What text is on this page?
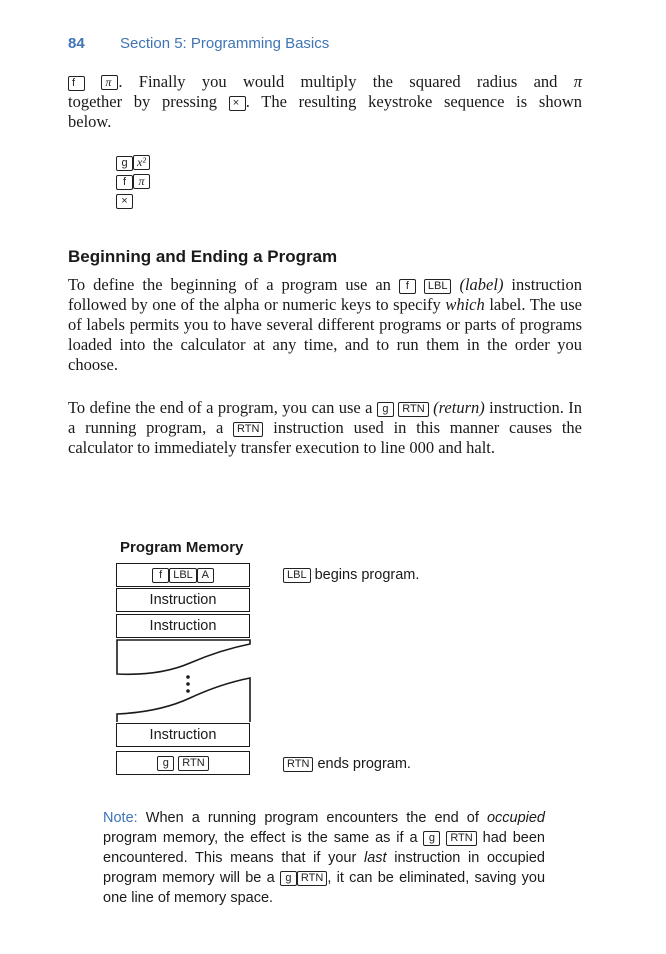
84 Section 5: Programming Basics

f	π . Finally you would multiply the squared radius and π

together by pressing × . The resulting keystroke sequence is shown

below.

g x²
f π
×
Beginning and Ending a Program
To define the beginning of a program use an f LBL (label) instruction followed by one of the alpha or numeric keys to specify which label. The use of labels permits you to have several different programs or parts of programs loaded into the calculator at any time, and to run them in the order you choose.
To define the end of a program, you can use a g RTN (return) instruction. In a running program, a RTN instruction used in this manner causes the calculator to immediately transfer execution to line 000 and halt.
Program Memory
f LBL A
Instruction
Instruction
Instruction
g
	RTN
LBL begins program.
RTN ends program.
Note: When a running program encounters the end of occupied program memory, the effect is the same as if a g RTN had been encountered. This means that if your last instruction in occupied program memory will be a g RTN , it can be eliminated, saving you one line of memory space.
